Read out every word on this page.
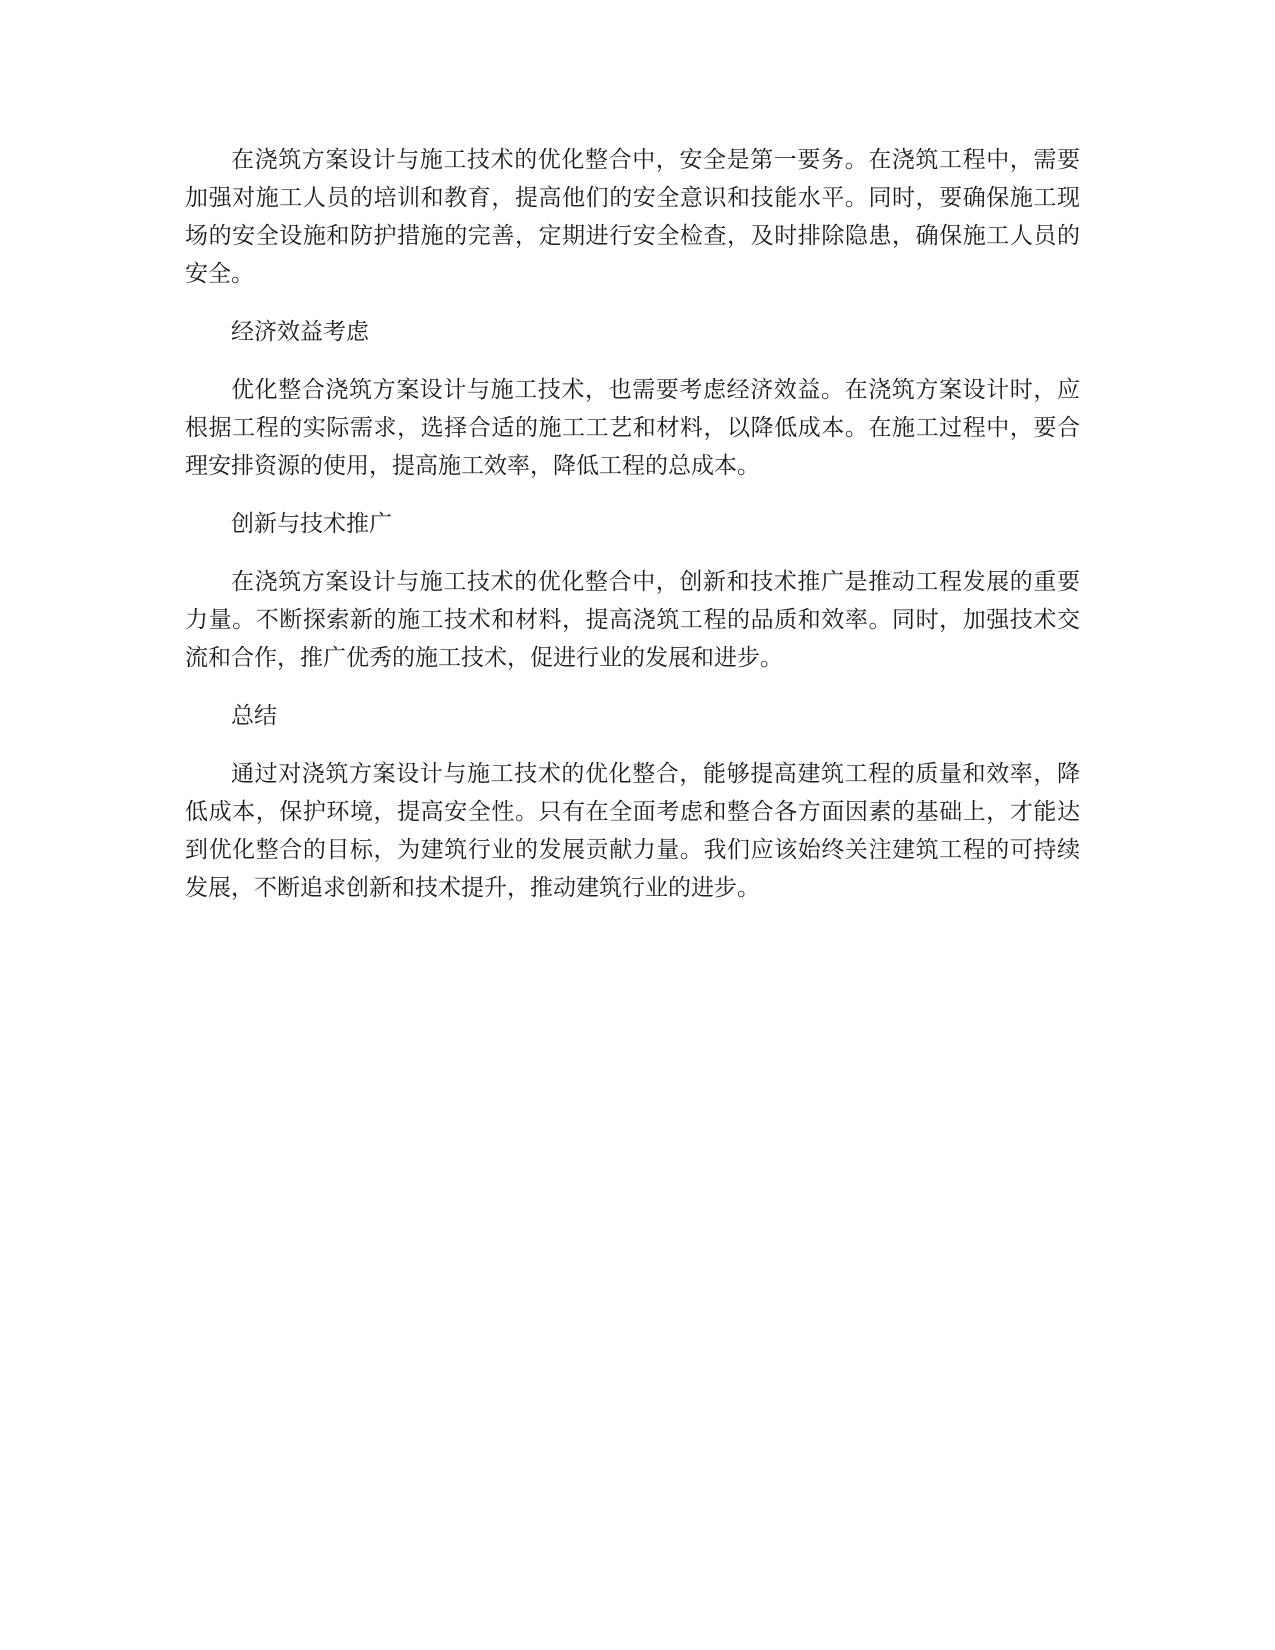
在浇筑方案设计与施工技术的优化整合中，安全是第一要务。在浇筑工程中，需要加强对施工人员的培训和教育，提高他们的安全意识和技能水平。同时，要确保施工现场的安全设施和防护措施的完善，定期进行安全检查，及时排除隐患，确保施工人员的安全。

经济效益考虑

优化整合浇筑方案设计与施工技术，也需要考虑经济效益。在浇筑方案设计时，应根据工程的实际需求，选择合适的施工工艺和材料，以降低成本。在施工过程中，要合理安排资源的使用，提高施工效率，降低工程的总成本。

创新与技术推广

在浇筑方案设计与施工技术的优化整合中，创新和技术推广是推动工程发展的重要力量。不断探索新的施工技术和材料，提高浇筑工程的品质和效率。同时，加强技术交流和合作，推广优秀的施工技术，促进行业的发展和进步。

总结

通过对浇筑方案设计与施工技术的优化整合，能够提高建筑工程的质量和效率，降低成本，保护环境，提高安全性。只有在全面考虑和整合各方面因素的基础上，才能达到优化整合的目标，为建筑行业的发展贡献力量。我们应该始终关注建筑工程的可持续发展，不断追求创新和技术提升，推动建筑行业的进步。
